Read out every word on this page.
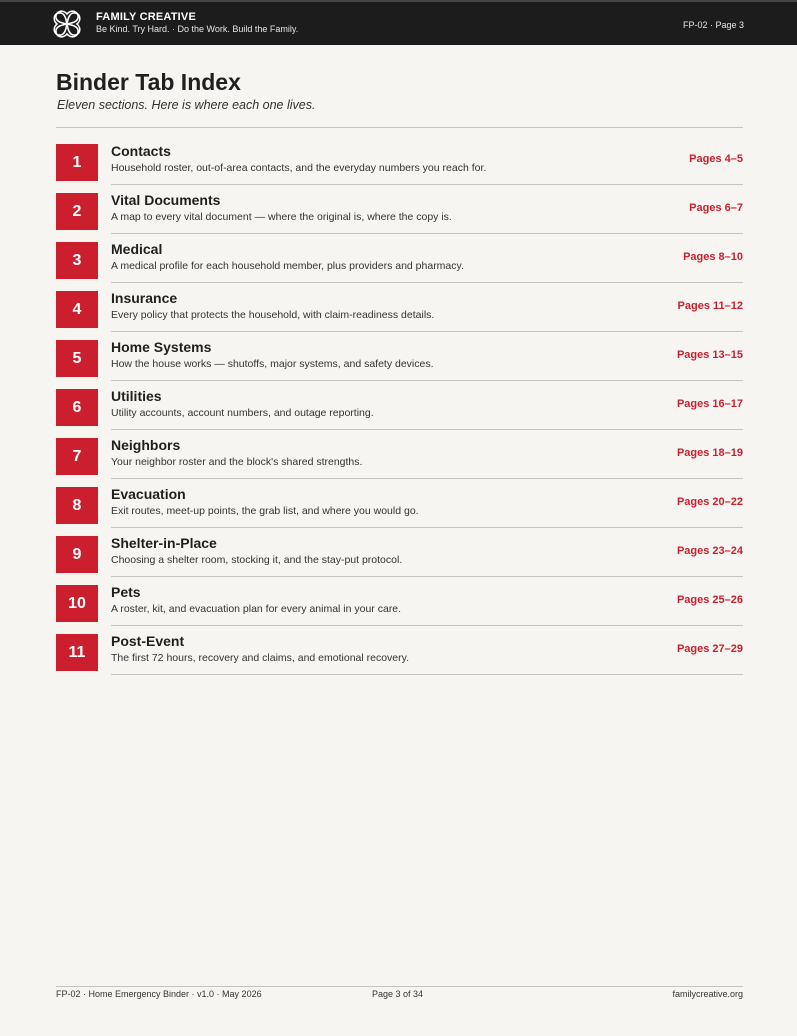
FAMILY CREATIVE
Be Kind. Try Hard. · Do the Work. Build the Family.	FP-02 · Page 3
Binder Tab Index
Eleven sections. Here is where each one lives.
1
Contacts
Household roster, out-of-area contacts, and the everyday numbers you reach for.
Pages 4–5
2
Vital Documents
A map to every vital document — where the original is, where the copy is.
Pages 6–7
3
Medical
A medical profile for each household member, plus providers and pharmacy.
Pages 8–10
4
Insurance
Every policy that protects the household, with claim-readiness details.
Pages 11–12
5
Home Systems
How the house works — shutoffs, major systems, and safety devices.
Pages 13–15
6
Utilities
Utility accounts, account numbers, and outage reporting.
Pages 16–17
7
Neighbors
Your neighbor roster and the block's shared strengths.
Pages 18–19
8
Evacuation
Exit routes, meet-up points, the grab list, and where you would go.
Pages 20–22
9
Shelter-in-Place
Choosing a shelter room, stocking it, and the stay-put protocol.
Pages 23–24
10
Pets
A roster, kit, and evacuation plan for every animal in your care.
Pages 25–26
11
Post-Event
The first 72 hours, recovery and claims, and emotional recovery.
Pages 27–29
FP-02 · Home Emergency Binder · v1.0 · May 2026	Page 3 of 34	familycreative.org
